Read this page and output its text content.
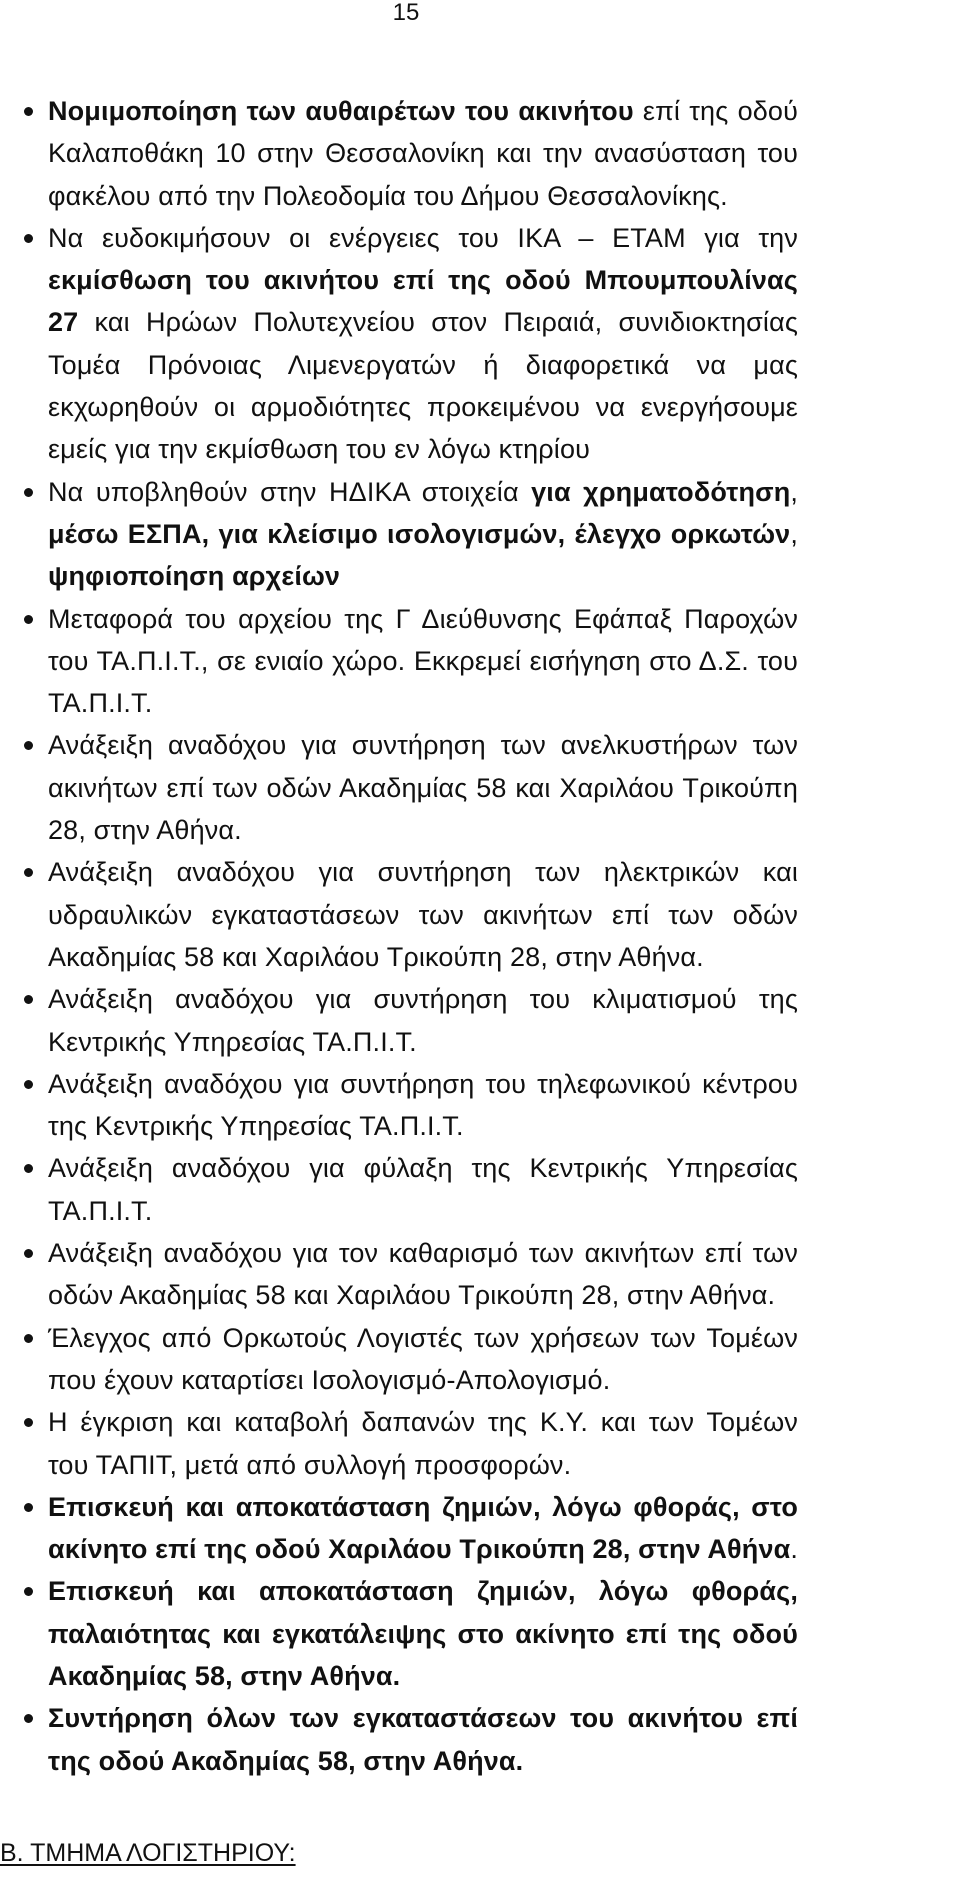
15
Νομιμοποίηση των αυθαιρέτων του ακινήτου επί της οδού Καλαποθάκη 10 στην Θεσσαλονίκη και την ανασύσταση του φακέλου από την Πολεοδομία του Δήμου Θεσσαλονίκης.
Να ευδοκιμήσουν οι ενέργειες του ΙΚΑ – ΕΤΑΜ για την εκμίσθωση του ακινήτου επί της οδού Μπουμπουλίνας 27 και Ηρώων Πολυτεχνείου στον Πειραιά, συνιδιοκτησίας Τομέα Πρόνοιας Λιμενεργατών ή διαφορετικά να μας εκχωρηθούν οι αρμοδιότητες προκειμένου να ενεργήσουμε εμείς για την εκμίσθωση του εν λόγω κτηρίου
Να υποβληθούν στην ΗΔΙΚΑ στοιχεία για χρηματοδότηση, μέσω ΕΣΠΑ, για κλείσιμο ισολογισμών, έλεγχο ορκωτών, ψηφιοποίηση αρχείων
Μεταφορά του αρχείου της Γ Διεύθυνσης Εφάπαξ Παροχών του ΤΑ.Π.Ι.Τ., σε ενιαίο χώρο. Εκκρεμεί εισήγηση στο Δ.Σ. του ΤΑ.Π.Ι.Τ.
Ανάξειξη αναδόχου για συντήρηση των ανελκυστήρων των ακινήτων επί των οδών Ακαδημίας 58 και Χαριλάου Τρικούπη 28, στην Αθήνα.
Ανάξειξη αναδόχου για συντήρηση των ηλεκτρικών και υδραυλικών εγκαταστάσεων των ακινήτων επί των οδών Ακαδημίας 58 και Χαριλάου Τρικούπη 28, στην Αθήνα.
Ανάξειξη αναδόχου για συντήρηση του κλιματισμού της Κεντρικής Υπηρεσίας ΤΑ.Π.Ι.Τ.
Ανάξειξη αναδόχου για συντήρηση του τηλεφωνικού κέντρου της Κεντρικής Υπηρεσίας ΤΑ.Π.Ι.Τ.
Ανάξειξη αναδόχου για φύλαξη της Κεντρικής Υπηρεσίας ΤΑ.Π.Ι.Τ.
Ανάξειξη αναδόχου για τον καθαρισμό των ακινήτων επί των οδών Ακαδημίας 58 και Χαριλάου Τρικούπη 28, στην Αθήνα.
Έλεγχος από Ορκωτούς Λογιστές των χρήσεων των Τομέων που έχουν καταρτίσει Ισολογισμό-Απολογισμό.
Η έγκριση και καταβολή δαπανών της Κ.Υ. και των Τομέων του ΤΑΠΙΤ, μετά από συλλογή προσφορών.
Επισκευή και αποκατάσταση ζημιών, λόγω φθοράς, στο ακίνητο επί της οδού Χαριλάου Τρικούπη 28, στην Αθήνα.
Επισκευή και αποκατάσταση ζημιών, λόγω φθοράς, παλαιότητας και εγκατάλειψης στο ακίνητο επί της οδού Ακαδημίας 58, στην Αθήνα.
Συντήρηση όλων των εγκαταστάσεων του ακινήτου επί της οδού Ακαδημίας 58, στην Αθήνα.
Β. ΤΜΗΜΑ ΛΟΓΙΣΤΗΡΙΟΥ:
